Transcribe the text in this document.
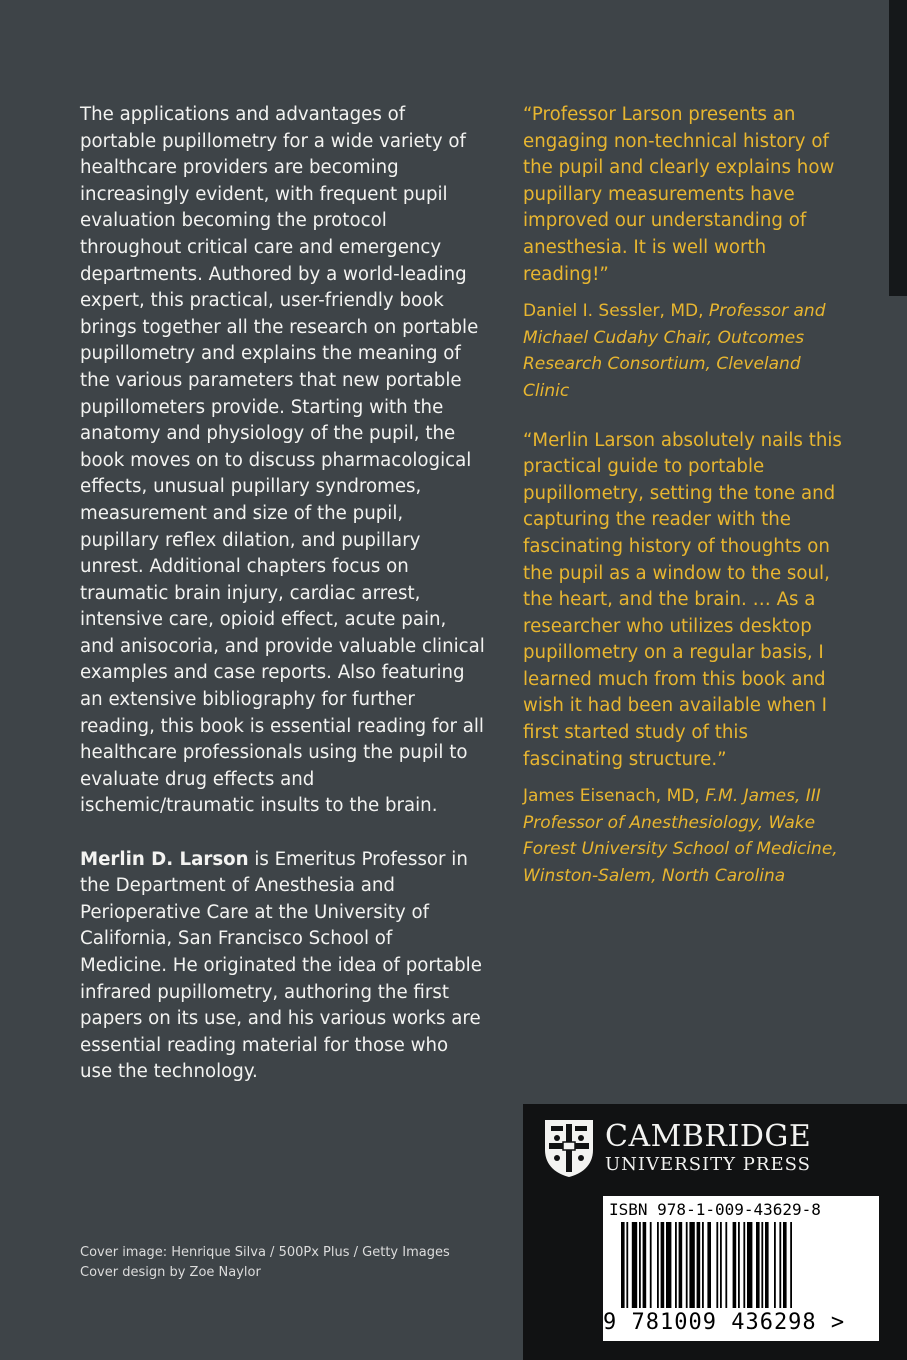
The applications and advantages of portable pupillometry for a wide variety of healthcare providers are becoming increasingly evident, with frequent pupil evaluation becoming the protocol throughout critical care and emergency departments. Authored by a world-leading expert, this practical, user-friendly book brings together all the research on portable pupillometry and explains the meaning of the various parameters that new portable pupillometers provide. Starting with the anatomy and physiology of the pupil, the book moves on to discuss pharmacological effects, unusual pupillary syndromes, measurement and size of the pupil, pupillary reflex dilation, and pupillary unrest. Additional chapters focus on traumatic brain injury, cardiac arrest, intensive care, opioid effect, acute pain, and anisocoria, and provide valuable clinical examples and case reports. Also featuring an extensive bibliography for further reading, this book is essential reading for all healthcare professionals using the pupil to evaluate drug effects and ischemic/traumatic insults to the brain.

Merlin D. Larson is Emeritus Professor in the Department of Anesthesia and Perioperative Care at the University of California, San Francisco School of Medicine. He originated the idea of portable infrared pupillometry, authoring the first papers on its use, and his various works are essential reading material for those who use the technology.

“Professor Larson presents an engaging non-technical history of the pupil and clearly explains how pupillary measurements have improved our understanding of anesthesia. It is well worth reading!”

Daniel I. Sessler, MD, Professor and Michael Cudahy Chair, Outcomes Research Consortium, Cleveland Clinic

“Merlin Larson absolutely nails this practical guide to portable pupillometry, setting the tone and capturing the reader with the fascinating history of thoughts on the pupil as a window to the soul, the heart, and the brain. … As a researcher who utilizes desktop pupillometry on a regular basis, I learned much from this book and wish it had been available when I first started study of this fascinating structure.”

James Eisenach, MD, F.M. James, III Professor of Anesthesiology, Wake Forest University School of Medicine, Winston-Salem, North Carolina

Cover image: Henrique Silva / 500Px Plus / Getty Images
Cover design by Zoe Naylor
CAMBRIDGE
UNIVERSITY PRESS
ISBN 978-1-009-43629-8
9 781009 436298 >
